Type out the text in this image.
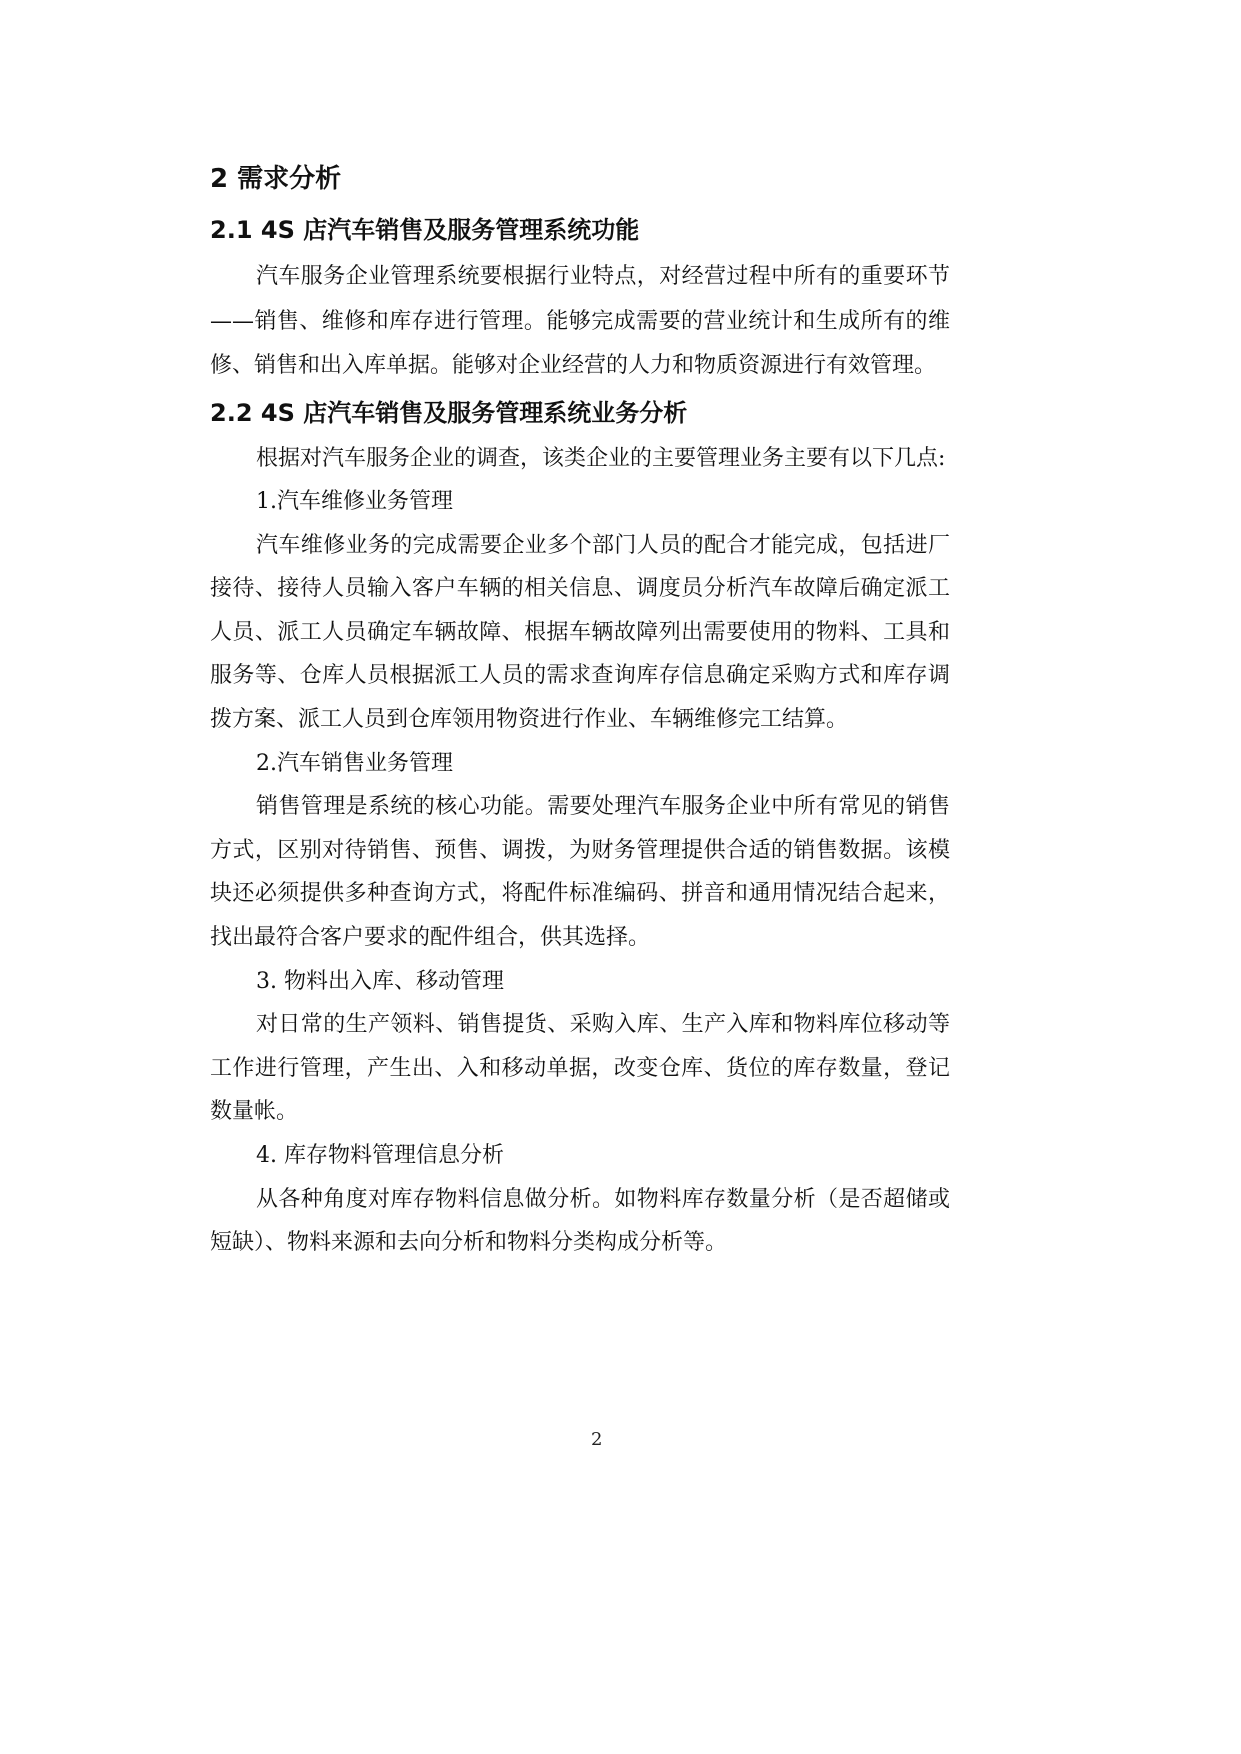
2 需求分析
2.1 4S 店汽车销售及服务管理系统功能
汽车服务企业管理系统要根据行业特点，对经营过程中所有的重要环节
——销售、维修和库存进行管理。能够完成需要的营业统计和生成所有的维
修、销售和出入库单据。能够对企业经营的人力和物质资源进行有效管理。
2.2 4S 店汽车销售及服务管理系统业务分析
根据对汽车服务企业的调查，该类企业的主要管理业务主要有以下几点:
1.汽车维修业务管理
汽车维修业务的完成需要企业多个部门人员的配合才能完成，包括进厂
接待、接待人员输入客户车辆的相关信息、调度员分析汽车故障后确定派工
人员、派工人员确定车辆故障、根据车辆故障列出需要使用的物料、工具和
服务等、仓库人员根据派工人员的需求查询库存信息确定采购方式和库存调
拨方案、派工人员到仓库领用物资进行作业、车辆维修完工结算。
2.汽车销售业务管理
销售管理是系统的核心功能。需要处理汽车服务企业中所有常见的销售
方式，区别对待销售、预售、调拨，为财务管理提供合适的销售数据。该模
块还必须提供多种查询方式，将配件标准编码、拼音和通用情况结合起来，
找出最符合客户要求的配件组合，供其选择。
3. 物料出入库、移动管理
对日常的生产领料、销售提货、采购入库、生产入库和物料库位移动等
工作进行管理，产生出、入和移动单据，改变仓库、货位的库存数量，登记
数量帐。
4. 库存物料管理信息分析
从各种角度对库存物料信息做分析。如物料库存数量分析（是否超储或
短缺）、物料来源和去向分析和物料分类构成分析等。
2
